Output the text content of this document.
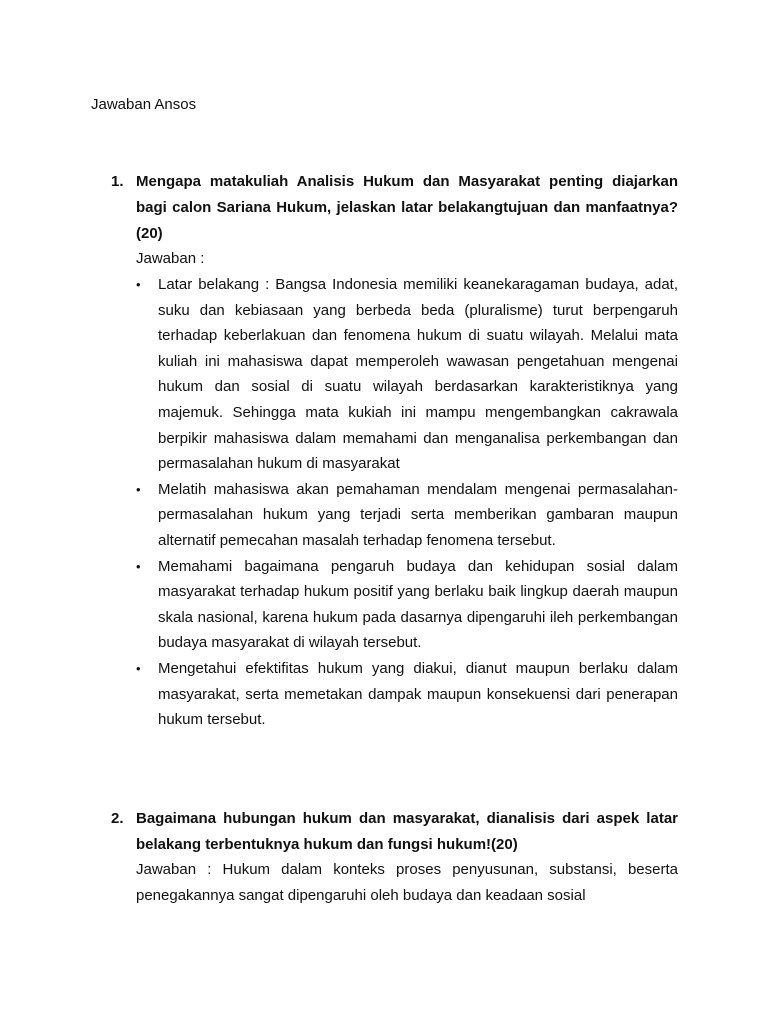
Jawaban Ansos

1. Mengapa matakuliah Analisis Hukum dan Masyarakat penting diajarkan bagi calon Sariana Hukum, jelaskan latar belakangtujuan dan manfaatnya?(20)

Jawaban :

• Latar belakang : Bangsa Indonesia memiliki keanekaragaman budaya, adat, suku dan kebiasaan yang berbeda beda (pluralisme) turut berpengaruh terhadap keberlakuan dan fenomena hukum di suatu wilayah. Melalui mata kuliah ini mahasiswa dapat memperoleh wawasan pengetahuan mengenai hukum dan sosial di suatu wilayah berdasarkan karakteristiknya yang majemuk. Sehingga mata kukiah ini mampu mengembangkan cakrawala berpikir mahasiswa dalam memahami dan menganalisa perkembangan dan permasalahan hukum di masyarakat
• Melatih mahasiswa akan pemahaman mendalam mengenai permasalahan-permasalahan hukum yang terjadi serta memberikan gambaran maupun alternatif pemecahan masalah terhadap fenomena tersebut.
• Memahami bagaimana pengaruh budaya dan kehidupan sosial dalam masyarakat terhadap hukum positif yang berlaku baik lingkup daerah maupun skala nasional, karena hukum pada dasarnya dipengaruhi ileh perkembangan budaya masyarakat di wilayah tersebut.
• Mengetahui efektifitas hukum yang diakui, dianut maupun berlaku dalam masyarakat, serta memetakan dampak maupun konsekuensi dari penerapan hukum tersebut.
2. Bagaimana hubungan hukum dan masyarakat, dianalisis dari aspek latar belakang terbentuknya hukum dan fungsi hukum!(20)

Jawaban : Hukum dalam konteks proses penyusunan, substansi, beserta penegakannya sangat dipengaruhi oleh budaya dan keadaan sosial
